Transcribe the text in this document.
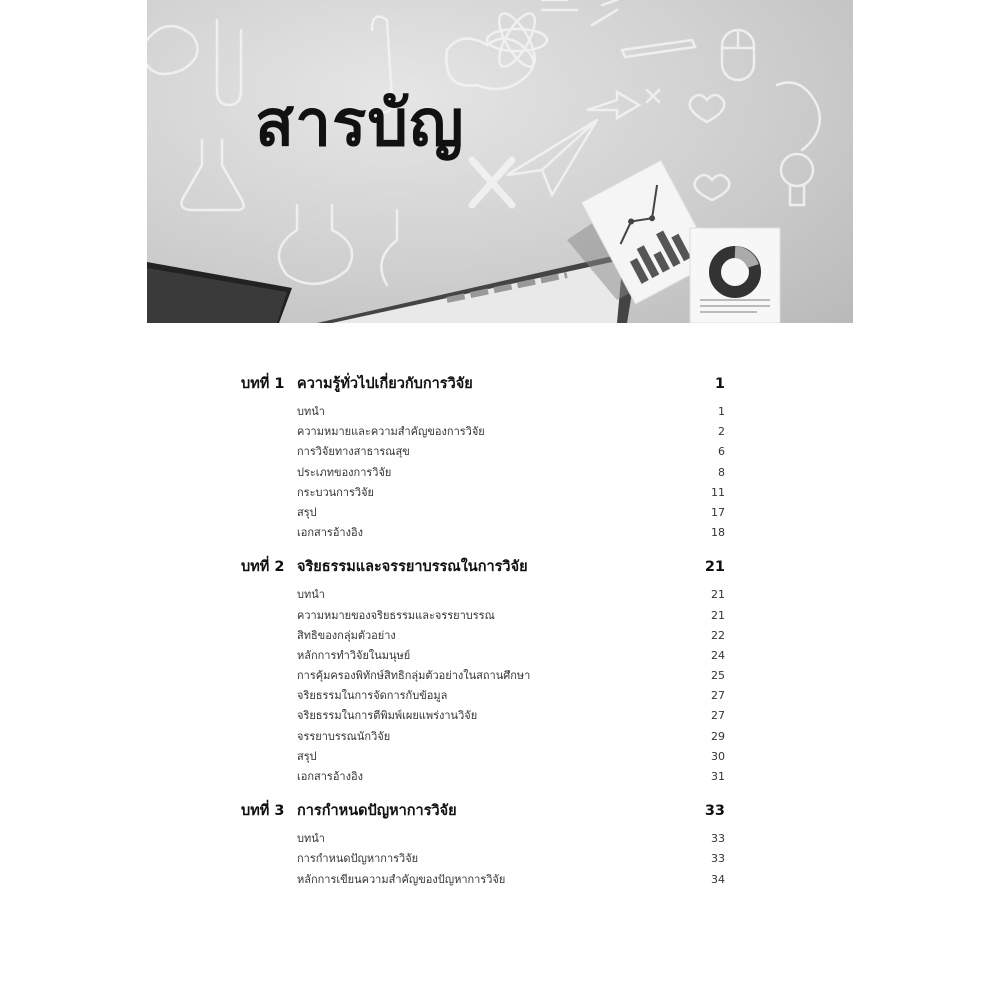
สารบัญ
บทที่ 1 ความรู้ทั่วไปเกี่ยวกับการวิจัย	1
บทนำ	1
ความหมายและความสำคัญของการวิจัย	2
การวิจัยทางสาธารณสุข	6
ประเภทของการวิจัย	8
กระบวนการวิจัย	11
สรุป	17
เอกสารอ้างอิง	18
บทที่ 2 จริยธรรมและจรรยาบรรณในการวิจัย	21
บทนำ	21
ความหมายของจริยธรรมและจรรยาบรรณ	21
สิทธิของกลุ่มตัวอย่าง	22
หลักการทำวิจัยในมนุษย์	24
การคุ้มครองพิทักษ์สิทธิกลุ่มตัวอย่างในสถานศึกษา	25
จริยธรรมในการจัดการกับข้อมูล	27
จริยธรรมในการตีพิมพ์เผยแพร่งานวิจัย	27
จรรยาบรรณนักวิจัย	29
สรุป	30
เอกสารอ้างอิง	31
บทที่ 3 การกำหนดปัญหาการวิจัย	33
บทนำ	33
การกำหนดปัญหาการวิจัย	33
หลักการเขียนความสำคัญของปัญหาการวิจัย	34
